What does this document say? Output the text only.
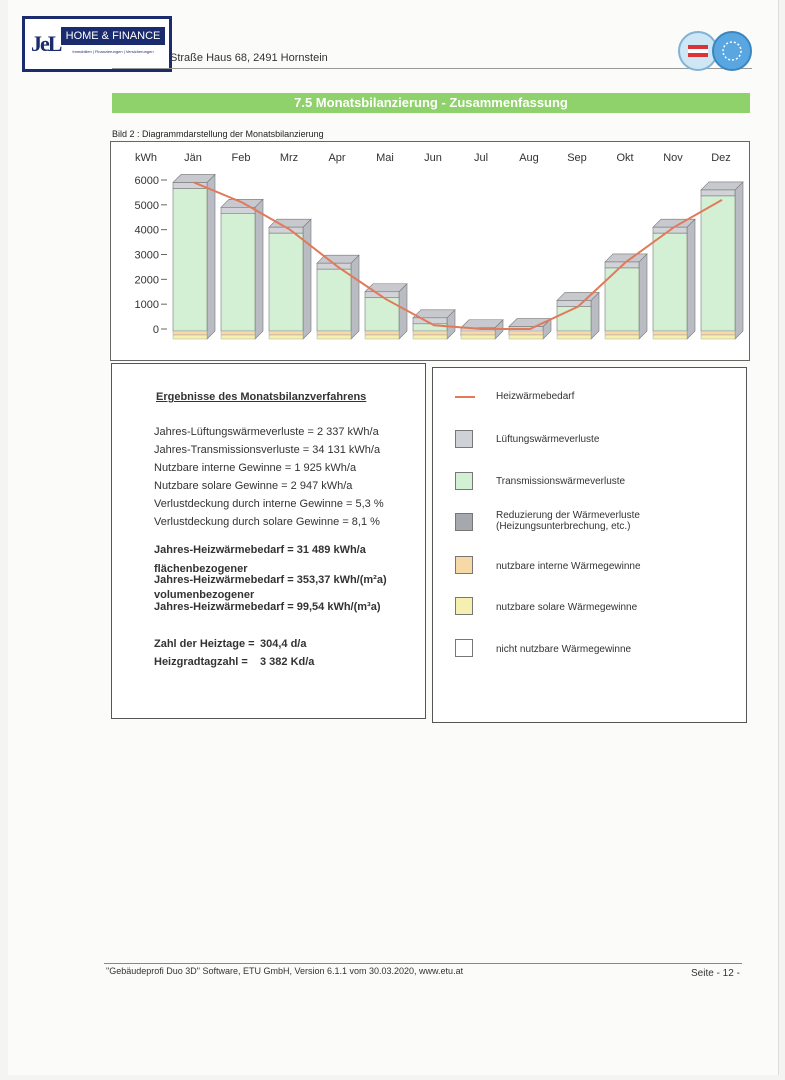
JeL HOME & FINANCE
Immobilien | Finanzierungen | Versicherungen
Straße Haus 68, 2491 Hornstein
7.5 Monatsbilanzierung - Zusammenfassung
Bild 2 : Diagrammdarstellung der Monatsbilanzierung
kWh
0
1000
2000
3000
4000
5000
6000
Jän	Feb	Mrz	Apr	Mai	Jun	Jul	Aug	Sep	Okt	Nov	Dez
Ergebnisse des Monatsbilanzverfahrens
Jahres-Lüftungswärmeverluste = 2 337 kWh/a
Jahres-Transmissionsverluste = 34 131 kWh/a
Nutzbare interne Gewinne = 1 925 kWh/a
Nutzbare solare Gewinne = 2 947 kWh/a
Verlustdeckung durch interne Gewinne = 5,3 %
Verlustdeckung durch solare Gewinne = 8,1 %
Jahres-Heizwärmebedarf = 31 489 kWh/a
flächenbezogener
Jahres-Heizwärmebedarf = 353,37 kWh/(m²a)
volumenbezogener
Jahres-Heizwärmebedarf = 99,54 kWh/(m³a)
Zahl der Heiztage = 304,4 d/a
Heizgradtagzahl = 3 382 Kd/a
Heizwärmebedarf
Lüftungswärmeverluste
Transmissionswärmeverluste
Reduzierung der Wärmeverluste
(Heizungsunterbrechung, etc.)
nutzbare interne Wärmegewinne
nutzbare solare Wärmegewinne
nicht nutzbare Wärmegewinne
"Gebäudeprofi Duo 3D" Software, ETU GmbH, Version 6.1.1 vom 30.03.2020, www.etu.at	Seite - 12 -
